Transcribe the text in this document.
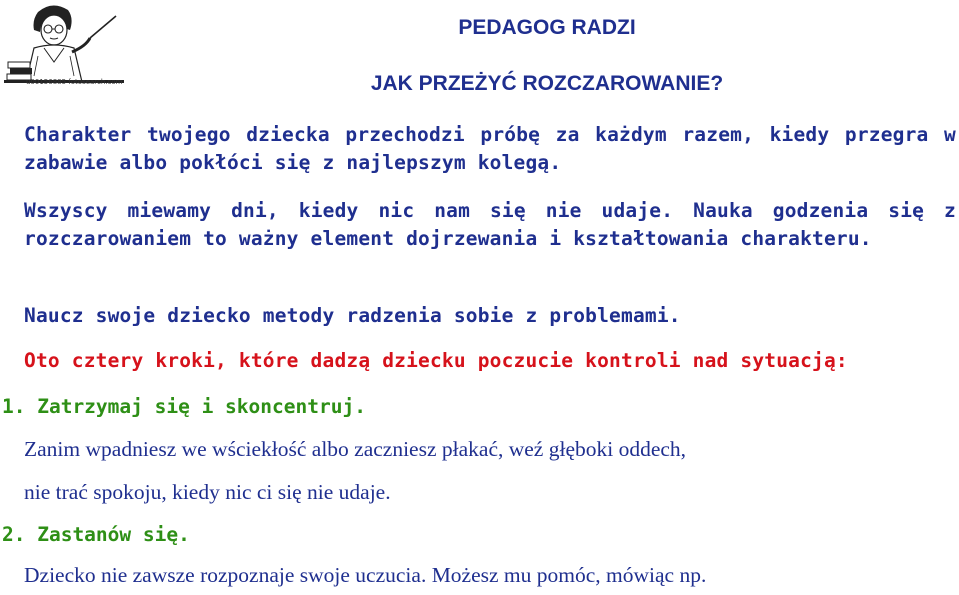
u00156885 fotosearch.com
PEDAGOG RADZI
JAK PRZEŻYĆ ROZCZAROWANIE?
Charakter twojego dziecka przechodzi próbę za każdym razem, kiedy przegra w zabawie albo pokłóci się z najlepszym kolegą.
Wszyscy miewamy dni, kiedy nic nam się nie udaje. Nauka godzenia się z rozczarowaniem to ważny element dojrzewania i kształtowania charakteru.
Naucz swoje dziecko metody radzenia sobie z problemami.
Oto cztery kroki, które dadzą dziecku poczucie kontroli nad sytuacją:
1. Zatrzymaj się i skoncentruj.
Zanim wpadniesz we wściekłość albo zaczniesz płakać, weź głęboki oddech,
nie trać spokoju, kiedy nic ci się nie udaje.
2. Zastanów się.
Dziecko nie zawsze rozpoznaje swoje uczucia. Możesz mu pomóc, mówiąc np.
